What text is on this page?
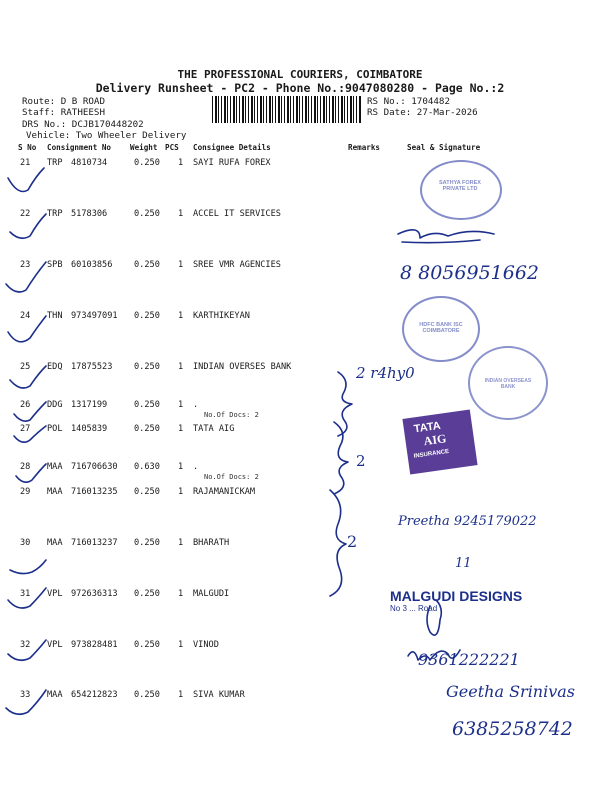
THE PROFESSIONAL COURIERS, COIMBATORE
Delivery Runsheet - PC2 - Phone No.:9047080280 - Page No.:2
Route: D B ROAD
Staff: RATHEESH
DRS No.: DCJB170448202
Vehicle: Two Wheeler Delivery
RS No.: 1704482
RS Date: 27-Mar-2026
S No Consignment No Weight PCS Consignee Details	Remarks	Seal & Signature
21 TRP 4810734	0.250 1 SAYI RUFA FOREX
22 TRP 5178306	0.250 1 ACCEL IT SERVICES
23 SPB 60103856	0.250 1 SREE VMR AGENCIES
24 THN 973497091 0.250 1 KARTHIKEYAN
25 EDQ 17875523	0.250 1 INDIAN OVERSES BANK
26 DDG 1317199	0.250 1 .
No.Of Docs: 2
27 POL 1405839	0.250 1 TATA AIG
28 MAA 716706630 0.630 1 .
No.Of Docs: 2
29 MAA 716013235 0.250 1 RAJAMANICKAM
30 MAA 716013237 0.250 1 BHARATH
31 VPL 972636313 0.250 1 MALGUDI
32 VPL 973828481 0.250 1 VINOD
33 MAA 654212823 0.250 1 SIVA KUMAR
8 8056951662
2 r4hy0
2
Preetha 9245179022
2
11
9361222221
Geetha Srinivas
6385258742
SATHYA FOREX PRIVATE LTD
HDFC BANK ISC COIMBATORE
INDIAN OVERSEAS BANK
TATA
AIG
INSURANCE
MALGUDI DESIGNS
No 3 ... Road
